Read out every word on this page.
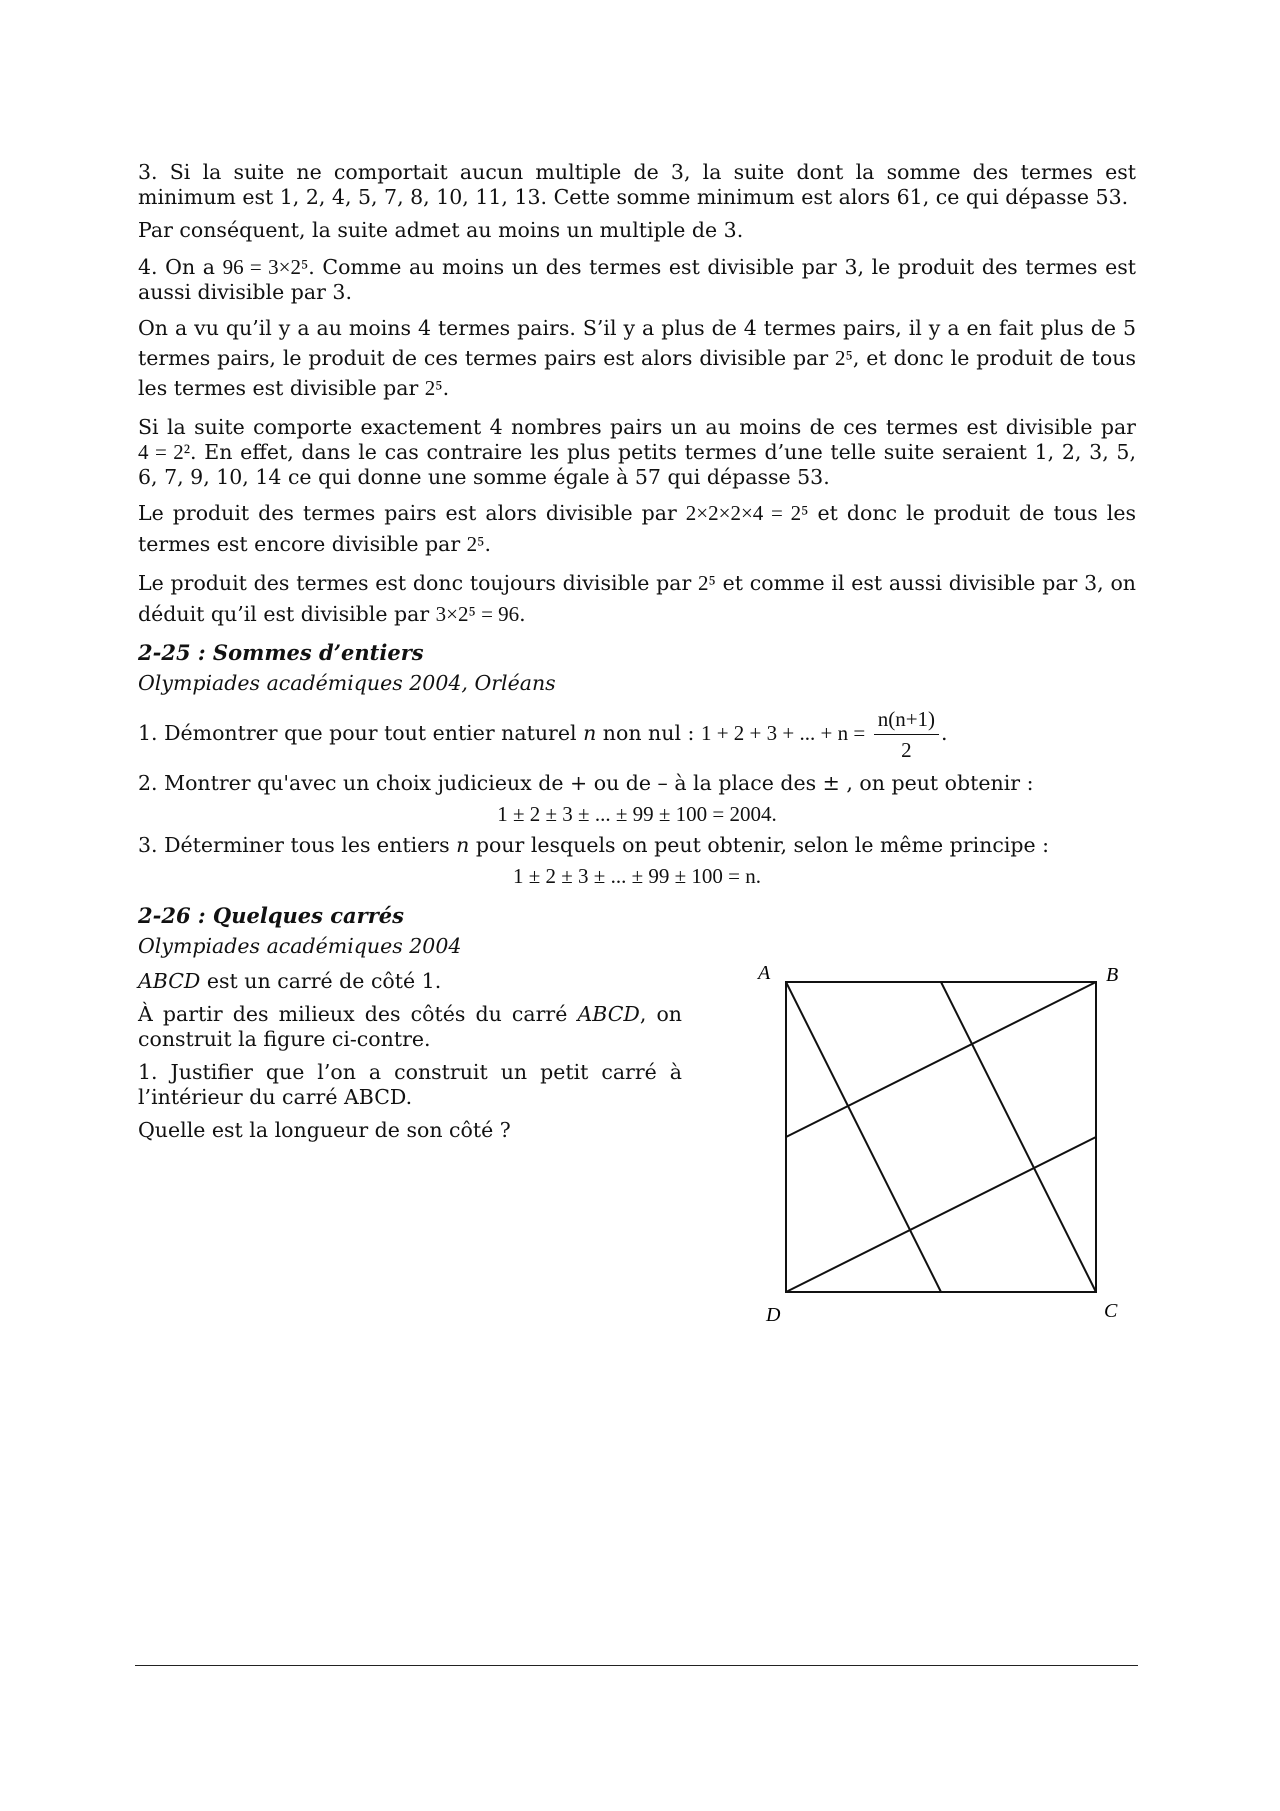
3. Si la suite ne comportait aucun multiple de 3, la suite dont la somme des termes est minimum est 1, 2, 4, 5, 7, 8, 10, 11, 13. Cette somme minimum est alors 61, ce qui dépasse 53.

Par conséquent, la suite admet au moins un multiple de 3.

4. On a 96 = 3×2⁵. Comme au moins un des termes est divisible par 3, le produit des termes est aussi divisible par 3.

On a vu qu’il y a au moins 4 termes pairs. S’il y a plus de 4 termes pairs, il y a en fait plus de 5 termes pairs, le produit de ces termes pairs est alors divisible par 2⁵, et donc le produit de tous les termes est divisible par 2⁵.

Si la suite comporte exactement 4 nombres pairs un au moins de ces termes est divisible par 4 = 2². En effet, dans le cas contraire les plus petits termes d’une telle suite seraient 1, 2, 3, 5, 6, 7, 9, 10, 14 ce qui donne une somme égale à 57 qui dépasse 53.

Le produit des termes pairs est alors divisible par 2×2×2×4 = 2⁵ et donc le produit de tous les termes est encore divisible par 2⁵.

Le produit des termes est donc toujours divisible par 2⁵ et comme il est aussi divisible par 3, on déduit qu’il est divisible par 3×2⁵ = 96.

2-25 : Sommes d’entiers

Olympiades académiques 2004, Orléans

1. Démontrer que pour tout entier naturel n non nul : 1 + 2 + 3 + ... + $n = \frac{n(n+1)}{2}$ .

2. Montrer qu'avec un choix judicieux de + ou de – à la place des ± , on peut obtenir :

1 ± 2 ± 3 ± ... ± 99 ± 100 = 2004.

3. Déterminer tous les entiers n pour lesquels on peut obtenir, selon le même principe :

1 ± 2 ± 3 ± ... ± 99 ± 100 = n.

2-26 : Quelques carrés

Olympiades académiques 2004

ABCD est un carré de côté 1.

À partir des milieux des côtés du carré ABCD, on construit la figure ci-contre.

1. Justifier que l’on a construit un petit carré à l’intérieur du carré ABCD.

Quelle est la longueur de son côté ?

A	B
C
D
